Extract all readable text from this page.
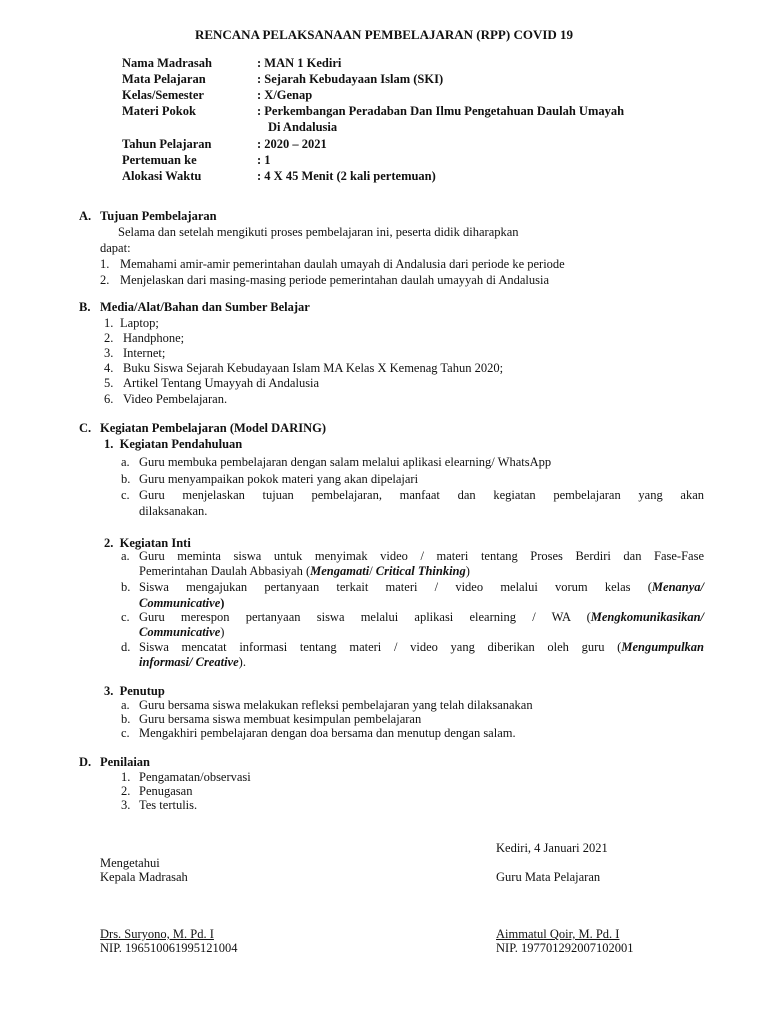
RENCANA PELAKSANAAN PEMBELAJARAN (RPP) COVID 19
Nama Madrasah	: MAN 1 Kediri
Mata Pelajaran	: Sejarah Kebudayaan Islam (SKI)
Kelas/Semester	: X/Genap
Materi Pokok	: Perkembangan Peradaban Dan Ilmu Pengetahuan Daulah Umayah
Di Andalusia
Tahun Pelajaran	: 2020 – 2021
Pertemuan ke	: 1
Alokasi Waktu	: 4 X 45 Menit (2 kali pertemuan)
A. Tujuan Pembelajaran
Selama dan setelah mengikuti proses pembelajaran ini, peserta didik diharapkan
dapat:
1. Memahami amir-amir pemerintahan daulah umayah di Andalusia dari periode ke periode
2. Menjelaskan dari masing-masing periode pemerintahan daulah umayyah di Andalusia
B. Media/Alat/Bahan dan Sumber Belajar
1. Laptop;
2. Handphone;
3. Internet;
4. Buku Siswa Sejarah Kebudayaan Islam MA Kelas X Kemenag Tahun 2020;
5. Artikel Tentang Umayyah di Andalusia
6. Video Pembelajaran.
C. Kegiatan Pembelajaran (Model DARING)
1. Kegiatan Pendahuluan
a. Guru membuka pembelajaran dengan salam melalui aplikasi elearning/ WhatsApp
b. Guru menyampaikan pokok materi yang akan dipelajari
c. Guru menjelaskan tujuan pembelajaran, manfaat dan kegiatan pembelajaran yang akan
dilaksanakan.
2. Kegiatan Inti
a. Guru meminta siswa untuk menyimak video / materi tentang Proses Berdiri dan Fase-Fase
Pemerintahan Daulah Abbasiyah (Mengamati/ Critical Thinking)
b. Siswa mengajukan pertanyaan terkait materi / video melalui vorum kelas (Menanya/
Communicative)
c. Guru merespon pertanyaan siswa melalui aplikasi elearning / WA (Mengkomunikasikan/
Communicative)
d. Siswa mencatat informasi tentang materi / video yang diberikan oleh guru (Mengumpulkan
informasi/ Creative).
3. Penutup
a. Guru bersama siswa melakukan refleksi pembelajaran yang telah dilaksanakan
b. Guru bersama siswa membuat kesimpulan pembelajaran
c. Mengakhiri pembelajaran dengan doa bersama dan menutup dengan salam.
D. Penilaian
1. Pengamatan/observasi
2. Penugasan
3. Tes tertulis.
Kediri, 4 Januari 2021
Mengetahui
Kepala Madrasah	Guru Mata Pelajaran
Drs. Suryono, M. Pd. I
NIP. 196510061995121004
Aimmatul Qoir, M. Pd. I
NIP. 197701292007102001
